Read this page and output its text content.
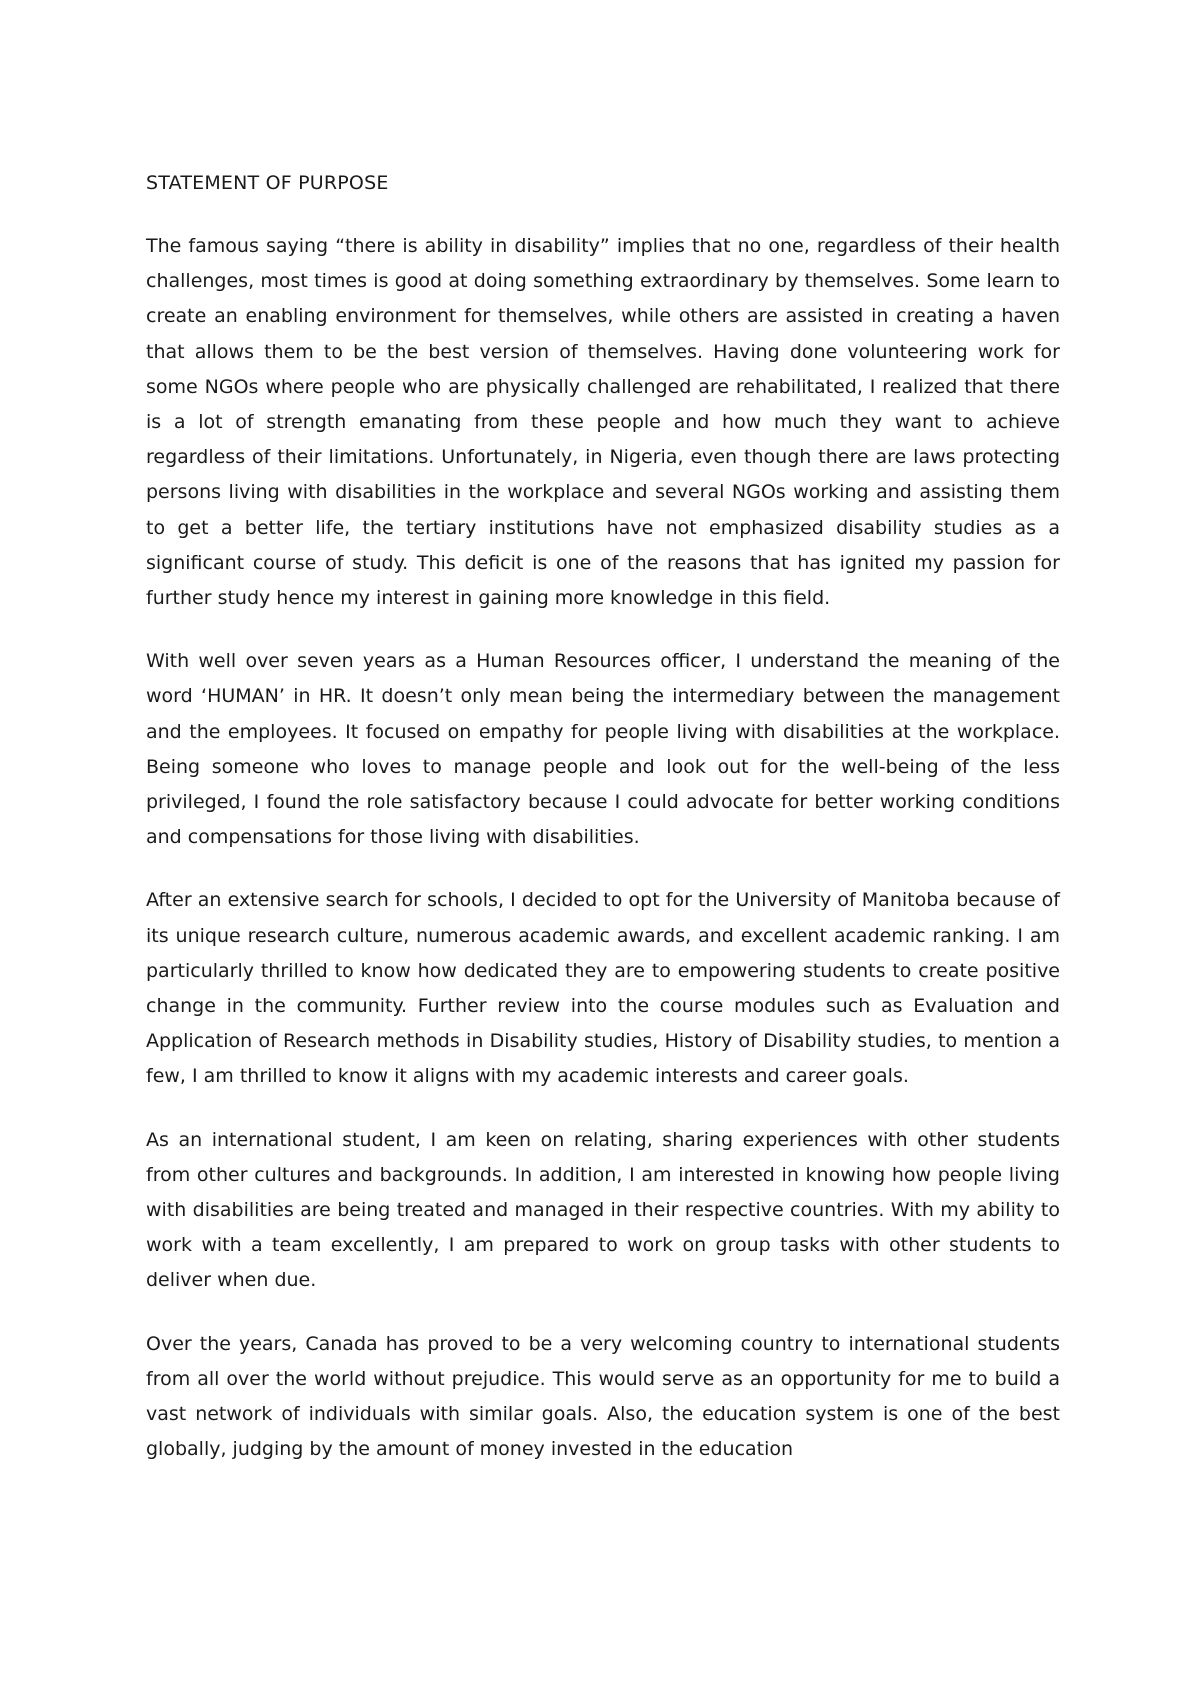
STATEMENT OF PURPOSE

The famous saying “there is ability in disability” implies that no one, regardless of their health challenges, most times is good at doing something extraordinary by themselves. Some learn to create an enabling environment for themselves, while others are assisted in creating a haven that allows them to be the best version of themselves. Having done volunteering work for some NGOs where people who are physically challenged are rehabilitated, I realized that there is a lot of strength emanating from these people and how much they want to achieve regardless of their limitations. Unfortunately, in Nigeria, even though there are laws protecting persons living with disabilities in the workplace and several NGOs working and assisting them to get a better life, the tertiary institutions have not emphasized disability studies as a significant course of study. This deficit is one of the reasons that has ignited my passion for further study hence my interest in gaining more knowledge in this field.

With well over seven years as a Human Resources officer, I understand the meaning of the word ‘HUMAN’ in HR. It doesn’t only mean being the intermediary between the management and the employees. It focused on empathy for people living with disabilities at the workplace. Being someone who loves to manage people and look out for the well-being of the less privileged, I found the role satisfactory because I could advocate for better working conditions and compensations for those living with disabilities.

After an extensive search for schools, I decided to opt for the University of Manitoba because of its unique research culture, numerous academic awards, and excellent academic ranking. I am particularly thrilled to know how dedicated they are to empowering students to create positive change in the community. Further review into the course modules such as Evaluation and Application of Research methods in Disability studies, History of Disability studies, to mention a few, I am thrilled to know it aligns with my academic interests and career goals.

As an international student, I am keen on relating, sharing experiences with other students from other cultures and backgrounds. In addition, I am interested in knowing how people living with disabilities are being treated and managed in their respective countries. With my ability to work with a team excellently, I am prepared to work on group tasks with other students to deliver when due.

Over the years, Canada has proved to be a very welcoming country to international students from all over the world without prejudice. This would serve as an opportunity for me to build a vast network of individuals with similar goals. Also, the education system is one of the best globally, judging by the amount of money invested in the education
